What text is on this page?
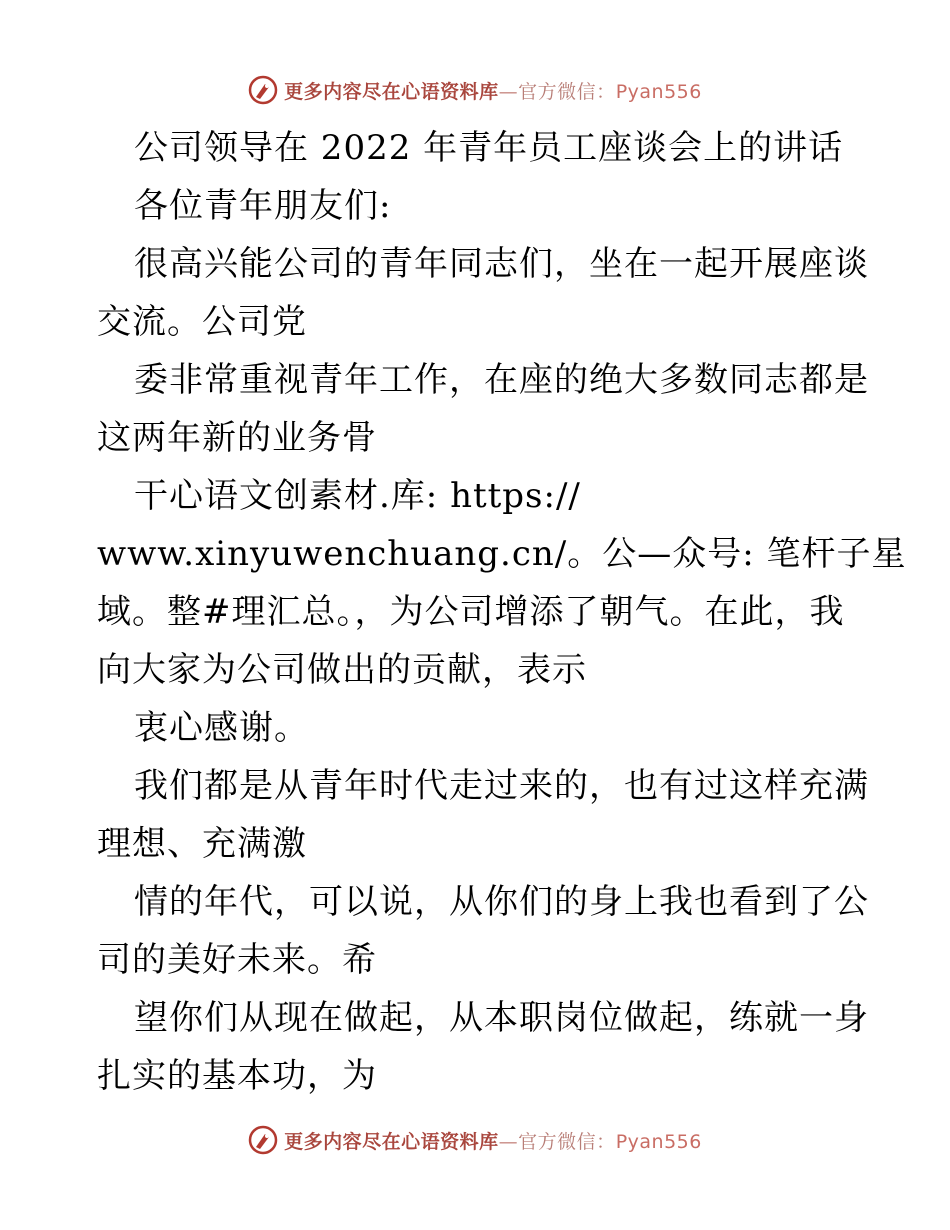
更多内容尽在心语资料库—官方微信：Pyan556
公司领导在 2022 年青年员工座谈会上的讲话
各位青年朋友们:
很高兴能公司的青年同志们，坐在一起开展座谈
交流。公司党
委非常重视青年工作，在座的绝大多数同志都是
这两年新的业务骨
干心语文创素材.库: https://
www.xinyuwenchuang.cn/。公—众号: 笔杆子星
域。整#理汇总。，为公司增添了朝气。在此，我
向大家为公司做出的贡献，表示
衷心感谢。
我们都是从青年时代走过来的，也有过这样充满
理想、充满激
情的年代，可以说，从你们的身上我也看到了公
司的美好未来。希
望你们从现在做起，从本职岗位做起，练就一身
扎实的基本功，为
更多内容尽在心语资料库—官方微信：Pyan556
